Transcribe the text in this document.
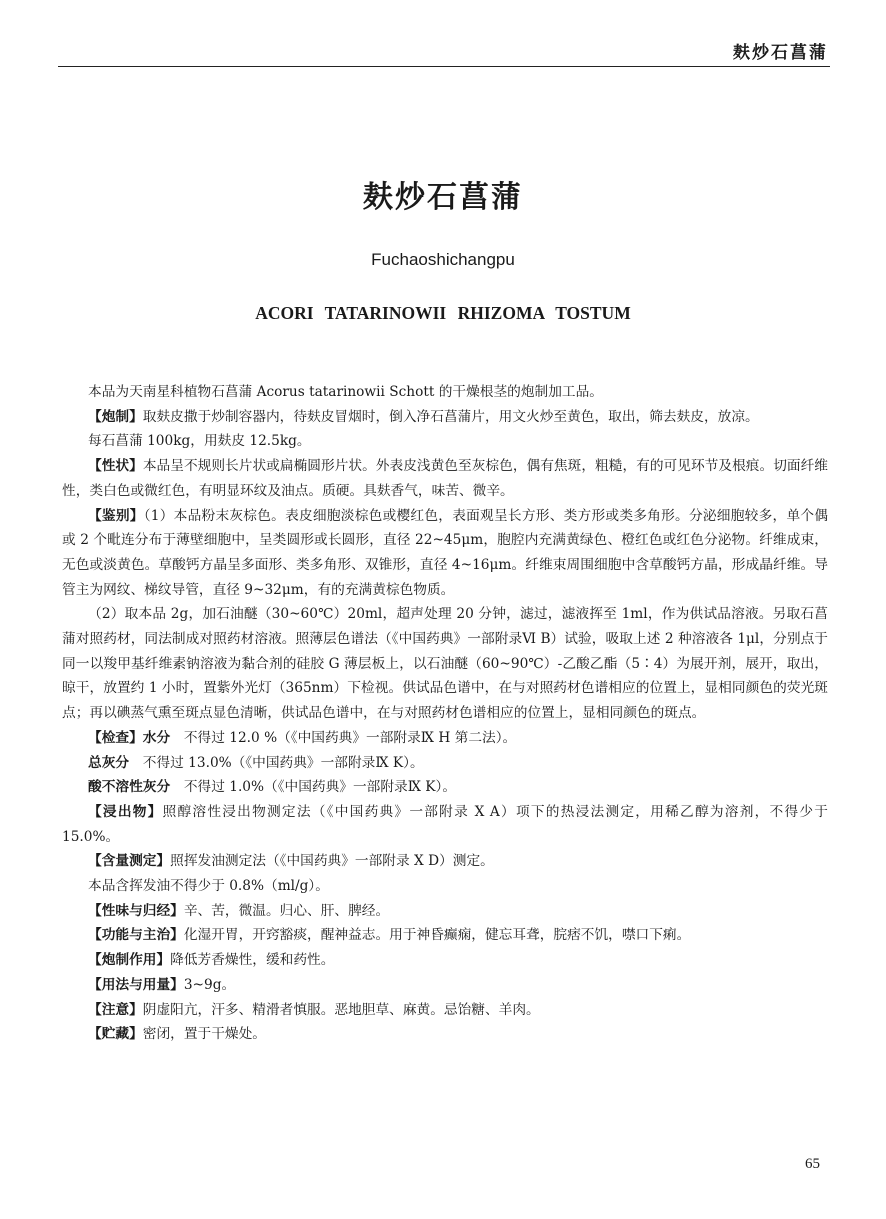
麸炒石菖蒲
麸炒石菖蒲
Fuchaoshichangpu
ACORI TATARINOWII RHIZOMA TOSTUM

本品为天南星科植物石菖蒲 Acorus tatarinowii Schott 的干燥根茎的炮制加工品。

【炮制】取麸皮撒于炒制容器内，待麸皮冒烟时，倒入净石菖蒲片，用文火炒至黄色，取出，筛去麸皮，放凉。

每石菖蒲 100kg，用麸皮 12.5kg。

【性状】本品呈不规则长片状或扁椭圆形片状。外表皮浅黄色至灰棕色，偶有焦斑，粗糙，有的可见环节及根痕。切面纤维性，类白色或微红色，有明显环纹及油点。质硬。具麸香气，味苦、微辛。

【鉴别】（1）本品粉末灰棕色。表皮细胞淡棕色或樱红色，表面观呈长方形、类方形或类多角形。分泌细胞较多，单个偶或 2 个毗连分布于薄壁细胞中，呈类圆形或长圆形，直径 22~45μm，胞腔内充满黄绿色、橙红色或红色分泌物。纤维成束，无色或淡黄色。草酸钙方晶呈多面形、类多角形、双锥形，直径 4~16μm。纤维束周围细胞中含草酸钙方晶，形成晶纤维。导管主为网纹、梯纹导管，直径 9~32μm，有的充满黄棕色物质。

（2）取本品 2g，加石油醚（30~60℃）20ml，超声处理 20 分钟，滤过，滤液挥至 1ml，作为供试品溶液。另取石菖蒲对照药材，同法制成对照药材溶液。照薄层色谱法（《中国药典》一部附录Ⅵ B）试验，吸取上述 2 种溶液各 1μl，分别点于同一以羧甲基纤维素钠溶液为黏合剂的硅胶 G 薄层板上，以石油醚（60~90℃）-乙酸乙酯（5∶4）为展开剂，展开，取出，晾干，放置约 1 小时，置紫外光灯（365nm）下检视。供试品色谱中，在与对照药材色谱相应的位置上，显相同颜色的荧光斑点；再以碘蒸气熏至斑点显色清晰，供试品色谱中，在与对照药材色谱相应的位置上，显相同颜色的斑点。

【检查】水分　不得过 12.0 %（《中国药典》一部附录Ⅸ H 第二法）。

总灰分　不得过 13.0%（《中国药典》一部附录Ⅸ K）。

酸不溶性灰分　不得过 1.0%（《中国药典》一部附录Ⅸ K）。

【浸出物】照醇溶性浸出物测定法（《中国药典》一部附录 X A）项下的热浸法测定，用稀乙醇为溶剂，不得少于 15.0%。

【含量测定】照挥发油测定法（《中国药典》一部附录 X D）测定。

本品含挥发油不得少于 0.8%（ml/g）。

【性味与归经】辛、苦，微温。归心、肝、脾经。

【功能与主治】化湿开胃，开窍豁痰，醒神益志。用于神昏癫痫，健忘耳聋，脘痞不饥，噤口下痢。

【炮制作用】降低芳香燥性，缓和药性。

【用法与用量】3~9g。

【注意】阴虚阳亢，汗多、精滑者慎服。恶地胆草、麻黄。忌饴糖、羊肉。

【贮藏】密闭，置于干燥处。

65
